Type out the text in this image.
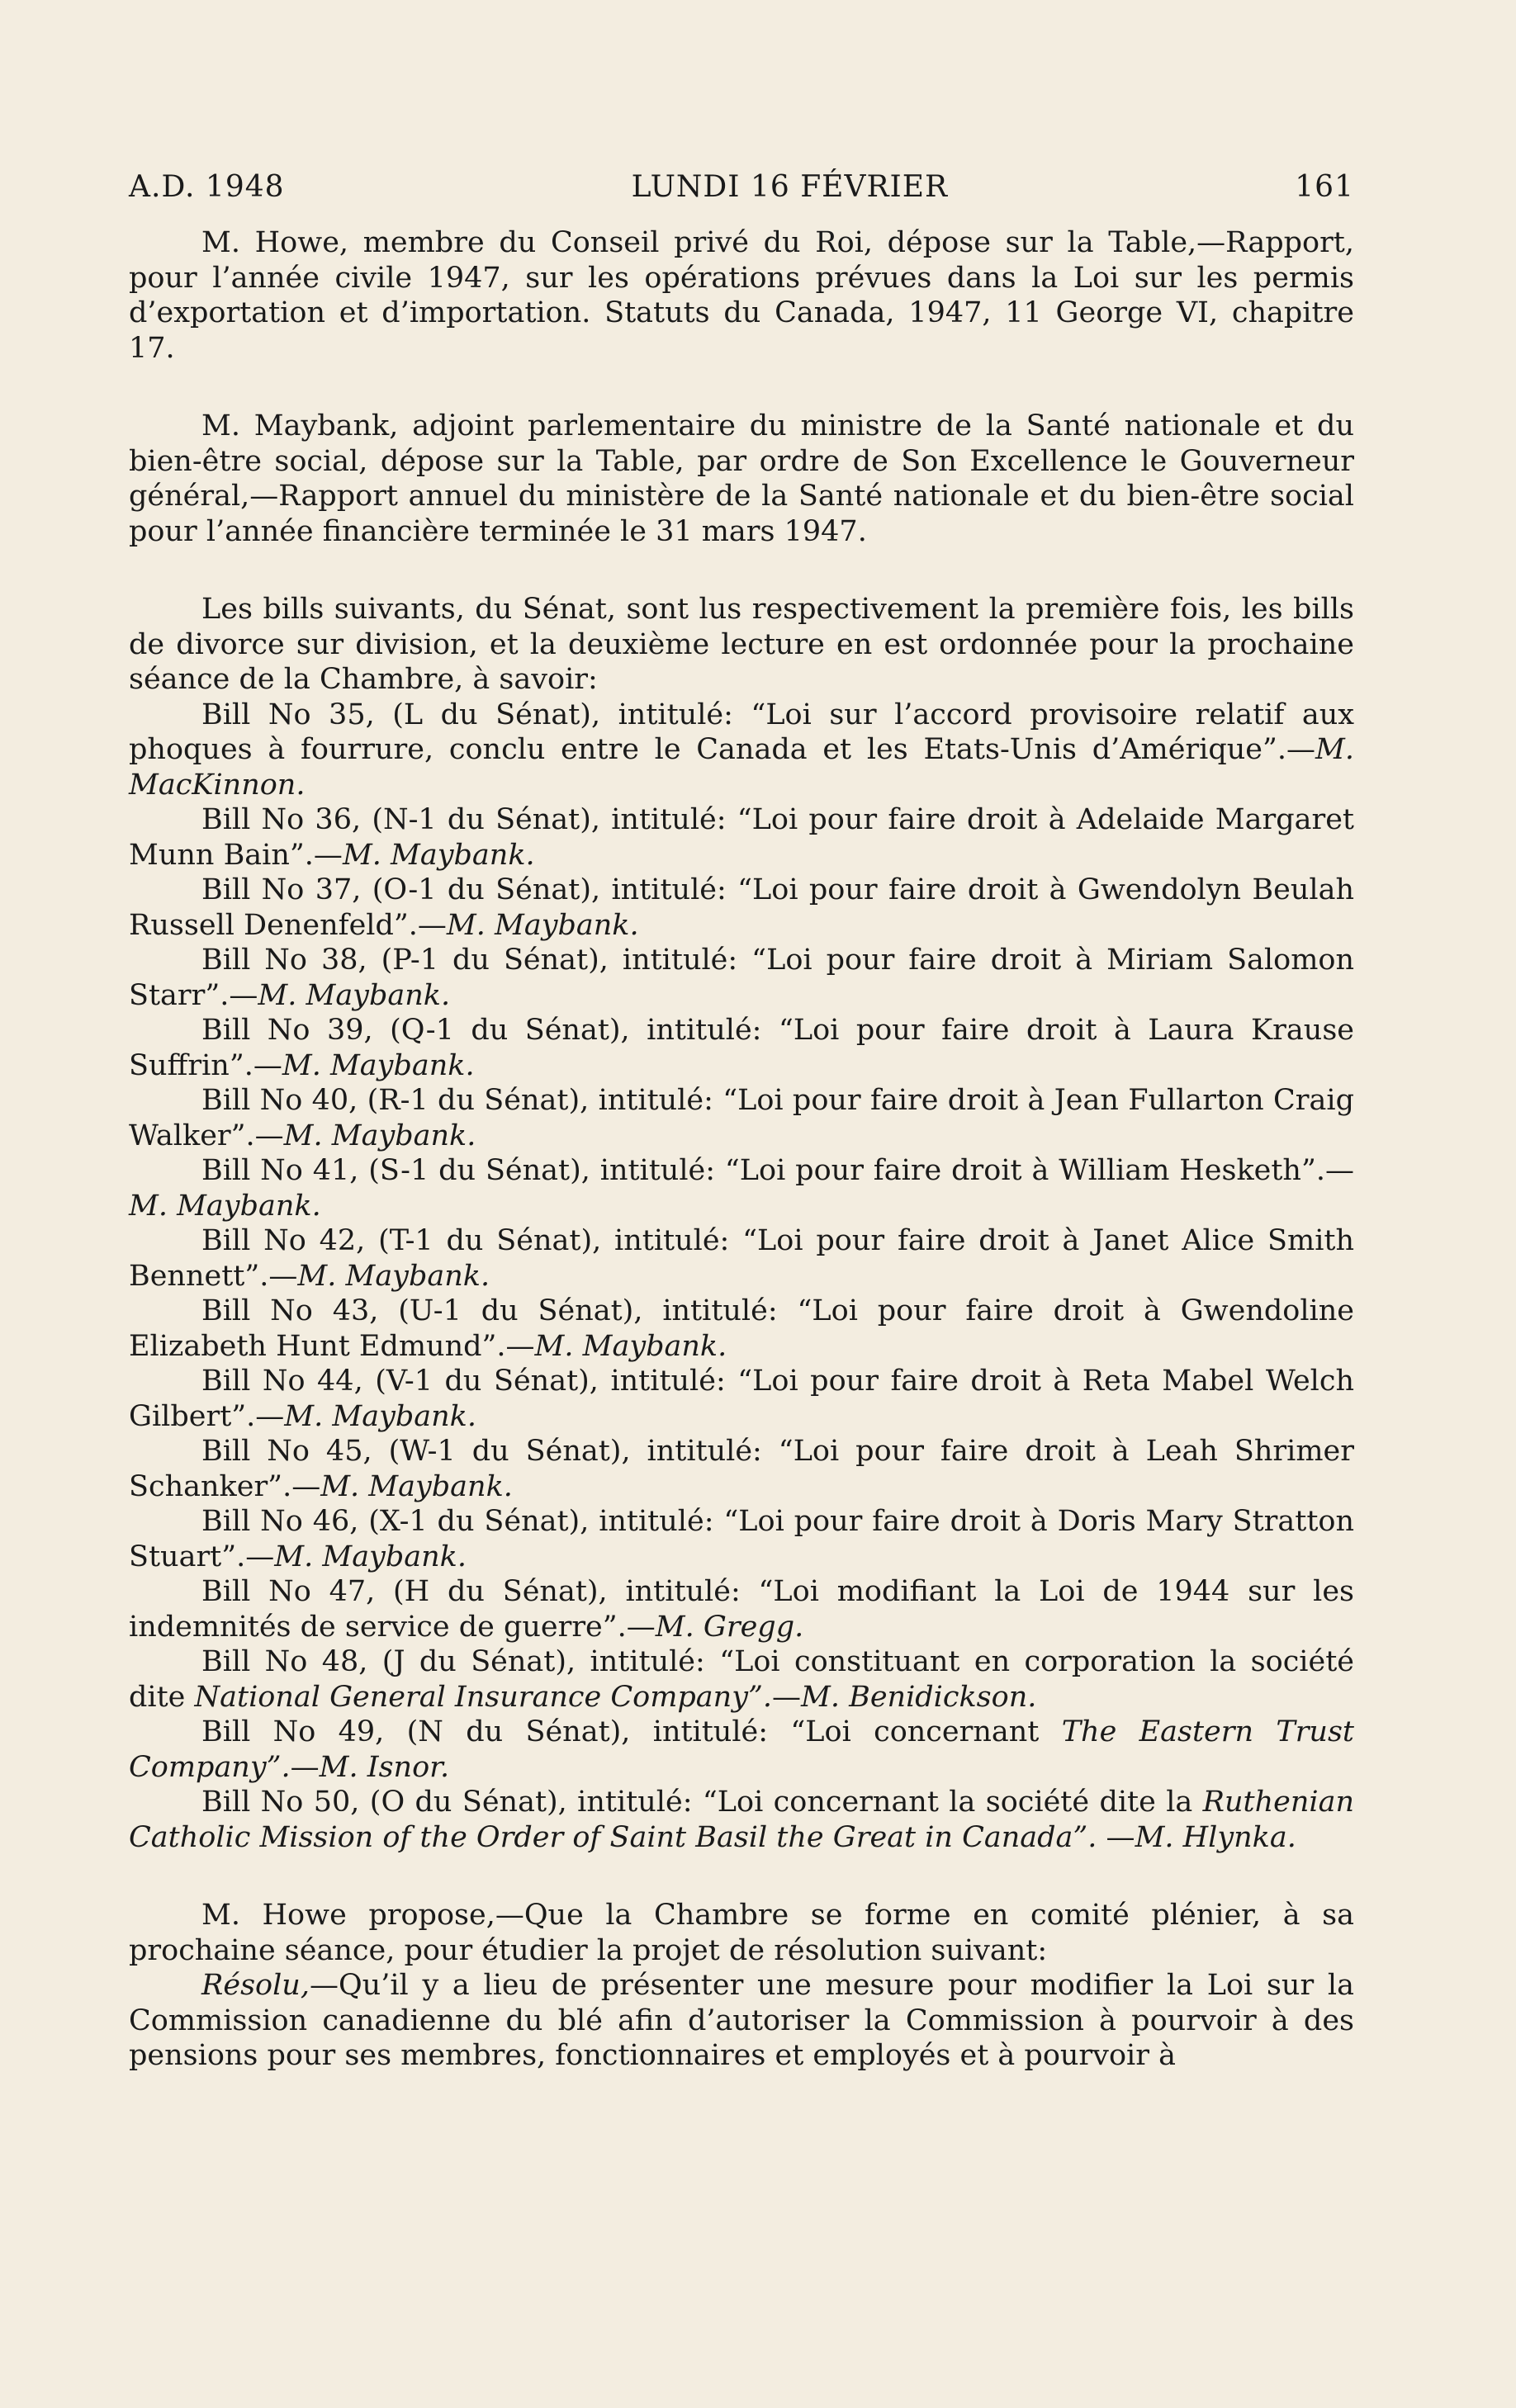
A.D. 1948	LUNDI 16 FÉVRIER	161

M. Howe, membre du Conseil privé du Roi, dépose sur la Table,—Rapport, pour l’année civile 1947, sur les opérations prévues dans la Loi sur les permis d’exportation et d’importation. Statuts du Canada, 1947, 11 George VI, chapitre 17.

M. Maybank, adjoint parlementaire du ministre de la Santé nationale et du bien-être social, dépose sur la Table, par ordre de Son Excellence le Gouverneur général,—Rapport annuel du ministère de la Santé nationale et du bien-être social pour l’année financière terminée le 31 mars 1947.

Les bills suivants, du Sénat, sont lus respectivement la première fois, les bills de divorce sur division, et la deuxième lecture en est ordonnée pour la prochaine séance de la Chambre, à savoir:

Bill No 35, (L du Sénat), intitulé: “Loi sur l’accord provisoire relatif aux phoques à fourrure, conclu entre le Canada et les Etats-Unis d’Amérique”.—M. MacKinnon.

Bill No 36, (N-1 du Sénat), intitulé: “Loi pour faire droit à Adelaide Margaret Munn Bain”.—M. Maybank.

Bill No 37, (O-1 du Sénat), intitulé: “Loi pour faire droit à Gwendolyn Beulah Russell Denenfeld”.—M. Maybank.

Bill No 38, (P-1 du Sénat), intitulé: “Loi pour faire droit à Miriam Salomon Starr”.—M. Maybank.

Bill No 39, (Q-1 du Sénat), intitulé: “Loi pour faire droit à Laura Krause Suffrin”.—M. Maybank.

Bill No 40, (R-1 du Sénat), intitulé: “Loi pour faire droit à Jean Fullarton Craig Walker”.—M. Maybank.

Bill No 41, (S-1 du Sénat), intitulé: “Loi pour faire droit à William Hesketh”.—M. Maybank.

Bill No 42, (T-1 du Sénat), intitulé: “Loi pour faire droit à Janet Alice Smith Bennett”.—M. Maybank.

Bill No 43, (U-1 du Sénat), intitulé: “Loi pour faire droit à Gwendoline Elizabeth Hunt Edmund”.—M. Maybank.

Bill No 44, (V-1 du Sénat), intitulé: “Loi pour faire droit à Reta Mabel Welch Gilbert”.—M. Maybank.

Bill No 45, (W-1 du Sénat), intitulé: “Loi pour faire droit à Leah Shrimer Schanker”.—M. Maybank.

Bill No 46, (X-1 du Sénat), intitulé: “Loi pour faire droit à Doris Mary Stratton Stuart”.—M. Maybank.

Bill No 47, (H du Sénat), intitulé: “Loi modifiant la Loi de 1944 sur les indemnités de service de guerre”.—M. Gregg.

Bill No 48, (J du Sénat), intitulé: “Loi constituant en corporation la société dite National General Insurance Company”.—M. Benidickson.

Bill No 49, (N du Sénat), intitulé: “Loi concernant The Eastern Trust Company”.—M. Isnor.

Bill No 50, (O du Sénat), intitulé: “Loi concernant la société dite la Ruthenian Catholic Mission of the Order of Saint Basil the Great in Canada”. —M. Hlynka.

M. Howe propose,—Que la Chambre se forme en comité plénier, à sa prochaine séance, pour étudier la projet de résolution suivant:

Résolu,—Qu’il y a lieu de présenter une mesure pour modifier la Loi sur la Commission canadienne du blé afin d’autoriser la Commission à pourvoir à des pensions pour ses membres, fonctionnaires et employés et à pourvoir à
